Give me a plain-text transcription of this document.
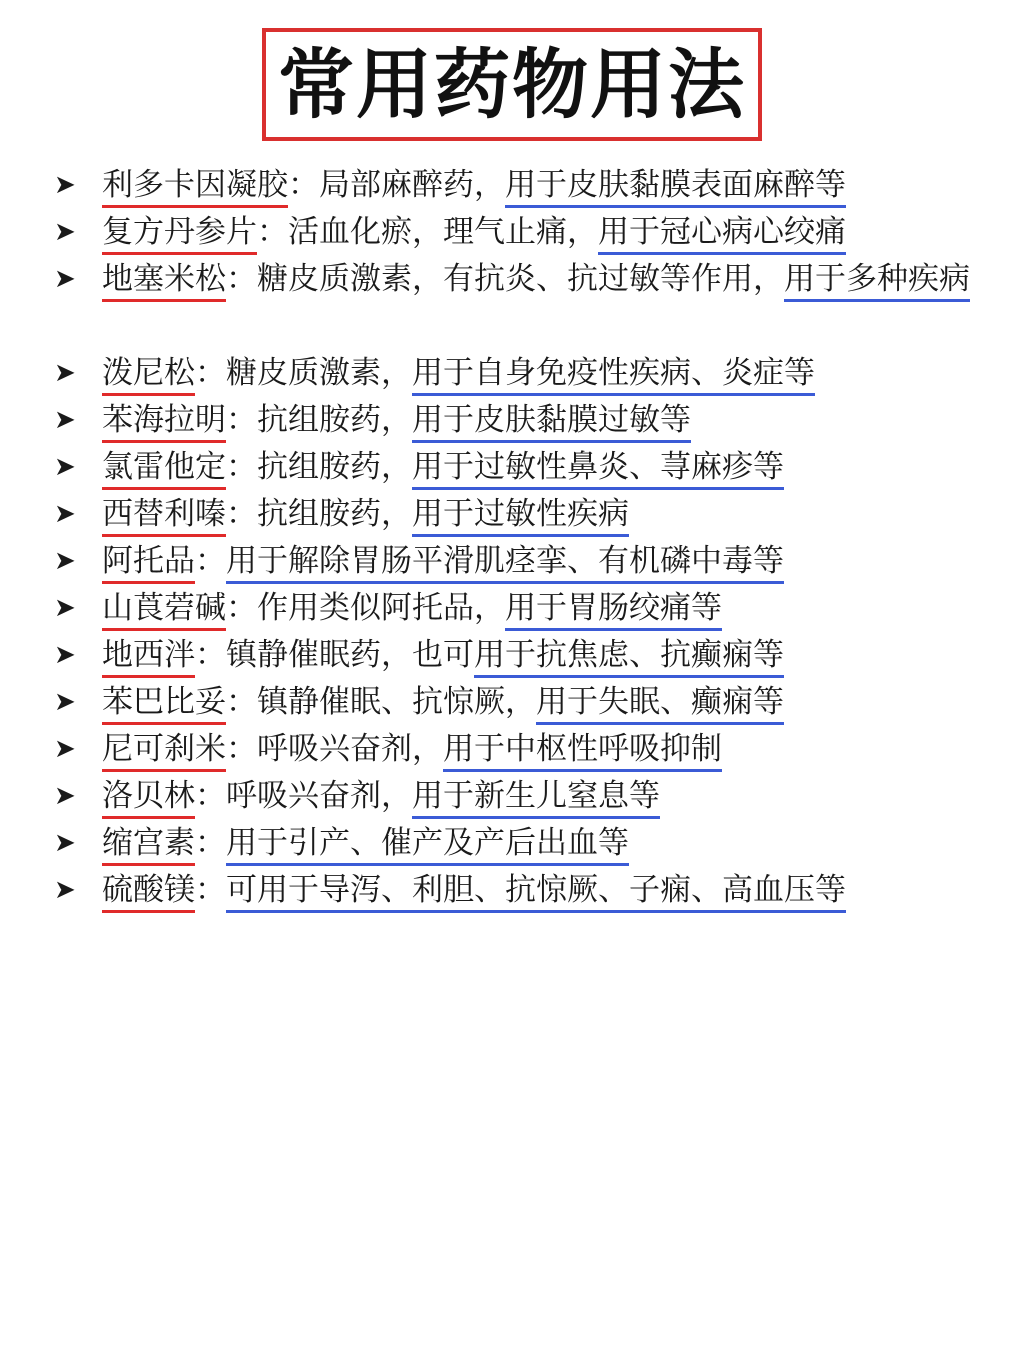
常用药物用法
➤ 利多卡因凝胶：局部麻醉药，用于皮肤黏膜表面麻醉等
➤ 复方丹参片：活血化瘀，理气止痛，用于冠心病心绞痛
➤ 地塞米松：糖皮质激素，有抗炎、抗过敏等作用，用于多种疾病
➤ 泼尼松：糖皮质激素，用于自身免疫性疾病、炎症等
➤ 苯海拉明：抗组胺药，用于皮肤黏膜过敏等
➤ 氯雷他定：抗组胺药，用于过敏性鼻炎、荨麻疹等
➤ 西替利嗪：抗组胺药，用于过敏性疾病
➤ 阿托品：用于解除胃肠平滑肌痉挛、有机磷中毒等
➤ 山莨菪碱：作用类似阿托品，用于胃肠绞痛等
➤ 地西泮：镇静催眠药，也可用于抗焦虑、抗癫痫等
➤ 苯巴比妥：镇静催眠、抗惊厥，用于失眠、癫痫等
➤ 尼可刹米：呼吸兴奋剂，用于中枢性呼吸抑制
➤ 洛贝林：呼吸兴奋剂，用于新生儿窒息等
➤ 缩宫素：用于引产、催产及产后出血等
➤ 硫酸镁：可用于导泻、利胆、抗惊厥、子痫、高血压等
